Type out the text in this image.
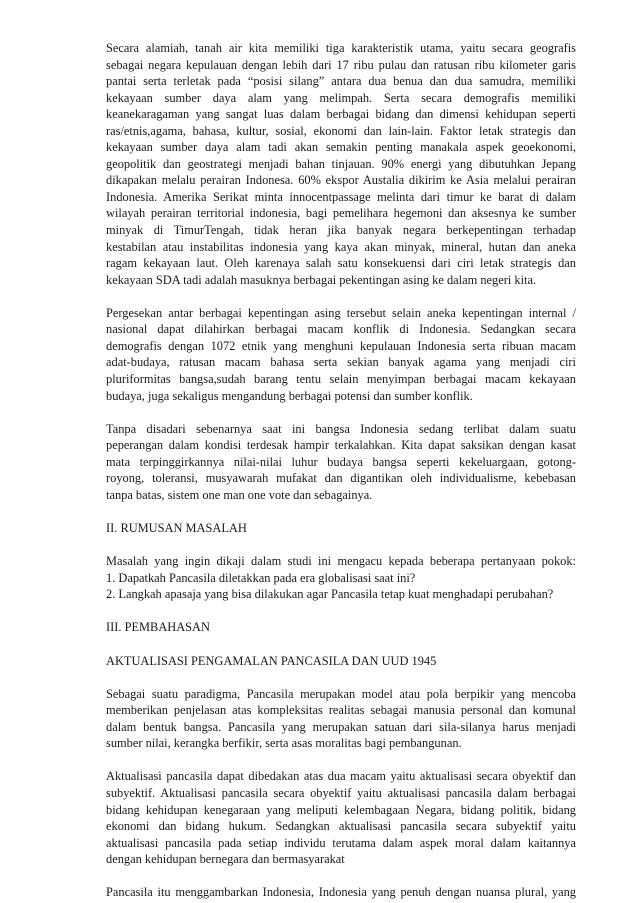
Secara alamiah, tanah air kita memiliki tiga karakteristik utama, yaitu secara geografis
sebagai negara kepulauan dengan lebih dari 17 ribu pulau dan ratusan ribu kilometer garis
pantai serta terletak pada “posisi silang” antara dua benua dan dua samudra, memiliki
kekayaan sumber daya alam yang melimpah. Serta secara demografis memiliki
keanekaragaman yang sangat luas dalam berbagai bidang dan dimensi kehidupan seperti
ras/etnis,agama, bahasa, kultur, sosial, ekonomi dan lain-lain. Faktor letak strategis dan
kekayaan sumber daya alam tadi akan semakin penting manakala aspek geoekonomi,
geopolitik dan geostrategi menjadi bahan tinjauan. 90% energi yang dibutuhkan Jepang
dikapakan melalu perairan Indonesa. 60% ekspor Austalia dikirim ke Asia melalui perairan
Indonesia. Amerika Serikat minta innocentpassage melinta dari timur ke barat di dalam
wilayah perairan territorial indonesia, bagi pemelihara hegemoni dan aksesnya ke sumber
minyak di TimurTengah, tidak heran jika banyak negara berkepentingan terhadap
kestabilan atau instabilitas indonesia yang kaya akan minyak, mineral, hutan dan aneka
ragam kekayaan laut. Oleh karenaya salah satu konsekuensi dari ciri letak strategis dan
kekayaan SDA tadi adalah masuknya berbagai pekentingan asing ke dalam negeri kita.
Pergesekan antar berbagai kepentingan asing tersebut selain aneka kepentingan internal /
nasional dapat dilahirkan berbagai macam konflik di Indonesia. Sedangkan secara
demografis dengan 1072 etnik yang menghuni kepulauan Indonesia serta ribuan macam
adat-budaya, ratusan macam bahasa serta sekian banyak agama yang menjadi ciri
pluriformitas bangsa,sudah barang tentu selain menyimpan berbagai macam kekayaan
budaya, juga sekaligus mengandung berbagai potensi dan sumber konflik.
Tanpa disadari sebenarnya saat ini bangsa Indonesia sedang terlibat dalam suatu
peperangan dalam kondisi terdesak hampir terkalahkan. Kita dapat saksikan dengan kasat
mata terpinggirkannya nilai-nilai luhur budaya bangsa seperti kekeluargaan, gotong-
royong, toleransi, musyawarah mufakat dan digantikan oleh individualisme, kebebasan
tanpa batas, sistem one man one vote dan sebagainya.
II. RUMUSAN MASALAH
Masalah yang ingin dikaji dalam studi ini mengacu kepada beberapa pertanyaan pokok:
1. Dapatkah Pancasila diletakkan pada era globalisasi saat ini?
2. Langkah apasaja yang bisa dilakukan agar Pancasila tetap kuat menghadapi perubahan?
III. PEMBAHASAN
AKTUALISASI PENGAMALAN PANCASILA DAN UUD 1945
Sebagai suatu paradigma, Pancasila merupakan model atau pola berpikir yang mencoba
memberikan penjelasan atas kompleksitas realitas sebagai manusia personal dan komunal
dalam bentuk bangsa. Pancasila yang merupakan satuan dari sila-silanya harus menjadi
sumber nilai, kerangka berfikir, serta asas moralitas bagi pembangunan.
Aktualisasi pancasila dapat dibedakan atas dua macam yaitu aktualisasi secara obyektif dan
subyektif. Aktualisasi pancasila secara obyektif yaitu aktualisasi pancasila dalam berbagai
bidang kehidupan kenegaraan yang meliputi kelembagaan Negara, bidang politik, bidang
ekonomi dan bidang hukum. Sedangkan aktualisasi pancasila secara subyektif yaitu
aktualisasi pancasila pada setiap individu terutama dalam aspek moral dalam kaitannya
dengan kehidupan bernegara dan bermasyarakat
Pancasila itu menggambarkan Indonesia, Indonesia yang penuh dengan nuansa plural, yang
